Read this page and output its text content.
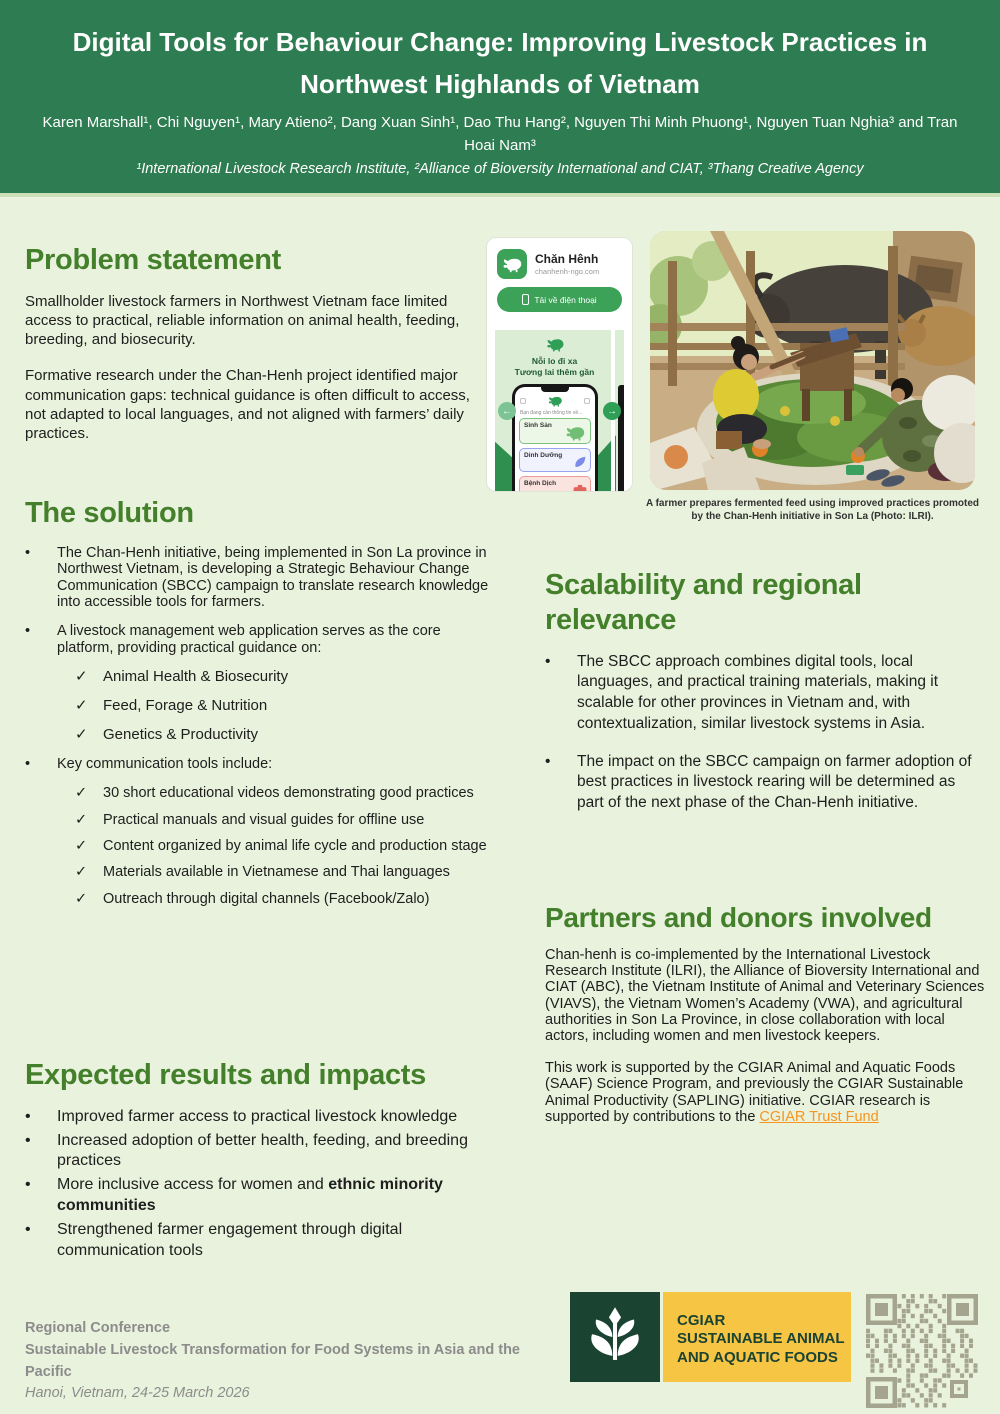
Digital Tools for Behaviour Change: Improving Livestock Practices in Northwest Highlands of Vietnam

Karen Marshall¹, Chi Nguyen¹, Mary Atieno², Dang Xuan Sinh¹, Dao Thu Hang², Nguyen Thi Minh Phuong¹, Nguyen Tuan Nghia³ and Tran Hoai Nam³

¹International Livestock Research Institute, ²Alliance of Bioversity International and CIAT, ³Thang Creative Agency

Problem statement

Smallholder livestock farmers in Northwest Vietnam face limited access to practical, reliable information on animal health, feeding, breeding, and biosecurity.

Formative research under the Chan-Henh project identified major communication gaps: technical guidance is often difficult to access, not adapted to local languages, and not aligned with farmers’ daily practices.

The solution
•	The Chan-Henh initiative, being implemented in Son La province in Northwest Vietnam, is developing a Strategic Behaviour Change Communication (SBCC) campaign to translate research knowledge into accessible tools for farmers.

•	A livestock management web application serves as the core platform, providing practical guidance on:

✓	Animal Health & Biosecurity

✓	Feed, Forage & Nutrition

✓	Genetics & Productivity

•	Key communication tools include:

✓	30 short educational videos demonstrating good practices

✓	Practical manuals and visual guides for offline use

✓	Content organized by animal life cycle and production stage

✓	Materials available in Vietnamese and Thai languages

✓	Outreach through digital channels (Facebook/Zalo)

Expected results and impacts
•	Improved farmer access to practical livestock knowledge

•	Increased adoption of better health, feeding, and breeding practices

•	More inclusive access for women and ethnic minority communities

•	Strengthened farmer engagement through digital communication tools

Scalability and regional relevance
•	The SBCC approach combines digital tools, local languages, and practical training materials, making it scalable for other provinces in Vietnam and, with contextualization, similar livestock systems in Asia.

•	The impact on the SBCC campaign on farmer adoption of best practices in livestock rearing will be determined as part of the next phase of the Chan-Henh initiative.

Partners and donors involved

Chan-henh is co-implemented by the International Livestock Research Institute (ILRI), the Alliance of Bioversity International and CIAT (ABC), the Vietnam Institute of Animal and Veterinary Sciences (VIAVS), the Vietnam Women’s Academy (VWA), and agricultural authorities in Son La Province, in close collaboration with local actors, including women and men livestock keepers.

This work is supported by the CGIAR Animal and Aquatic Foods (SAAF) Science Program, and previously the CGIAR Sustainable Animal Productivity (SAPLING) initiative. CGIAR research is supported by contributions to the CGIAR Trust Fund

Chăn Hênh
chanhenh-ngo.com
Tải về điện thoại
Nỗi lo đi xa
Tương lai thêm gần
Bạn đang cần thông tin về...
Sinh Sản
Dinh Dưỡng
Bệnh Dịch
←	→
A farmer prepares fermented feed using improved practices promoted by the Chan-Henh initiative in Son La (Photo: ILRI).
Regional Conference
Sustainable Livestock Transformation for Food Systems in Asia and the Pacific
Hanoi, Vietnam, 24-25 March 2026
CGIAR
SUSTAINABLE ANIMAL
AND AQUATIC FOODS
